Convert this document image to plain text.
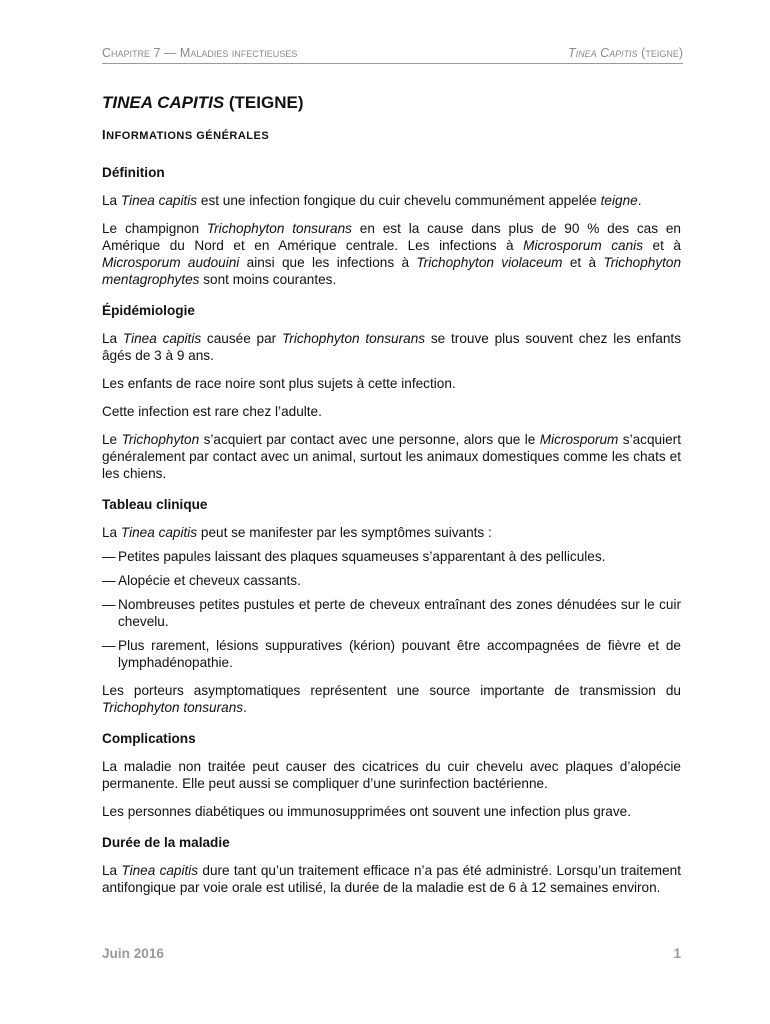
Chapitre 7 — Maladies infectieuses	Tinea Capitis (teigne)
TINEA CAPITIS (TEIGNE)
INFORMATIONS GÉNÉRALES
Définition

La Tinea capitis est une infection fongique du cuir chevelu communément appelée teigne.

Le champignon Trichophyton tonsurans en est la cause dans plus de 90 % des cas en Amérique du Nord et en Amérique centrale. Les infections à Microsporum canis et à Microsporum audouini ainsi que les infections à Trichophyton violaceum et à Trichophyton mentagrophytes sont moins courantes.

Épidémiologie

La Tinea capitis causée par Trichophyton tonsurans se trouve plus souvent chez les enfants âgés de 3 à 9 ans.

Les enfants de race noire sont plus sujets à cette infection.

Cette infection est rare chez l’adulte.

Le Trichophyton s’acquiert par contact avec une personne, alors que le Microsporum s’acquiert généralement par contact avec un animal, surtout les animaux domestiques comme les chats et les chiens.

Tableau clinique

La Tinea capitis peut se manifester par les symptômes suivants :

— Petites papules laissant des plaques squameuses s’apparentant à des pellicules.
— Alopécie et cheveux cassants.
— Nombreuses petites pustules et perte de cheveux entraînant des zones dénudées sur le cuir chevelu.
— Plus rarement, lésions suppuratives (kérion) pouvant être accompagnées de fièvre et de lymphadénopathie.

Les porteurs asymptomatiques représentent une source importante de transmission du Trichophyton tonsurans.

Complications

La maladie non traitée peut causer des cicatrices du cuir chevelu avec plaques d’alopécie permanente. Elle peut aussi se compliquer d’une surinfection bactérienne.

Les personnes diabétiques ou immunosupprimées ont souvent une infection plus grave.

Durée de la maladie

La Tinea capitis dure tant qu’un traitement efficace n’a pas été administré. Lorsqu’un traitement antifongique par voie orale est utilisé, la durée de la maladie est de 6 à 12 semaines environ.

Juin 2016	1
